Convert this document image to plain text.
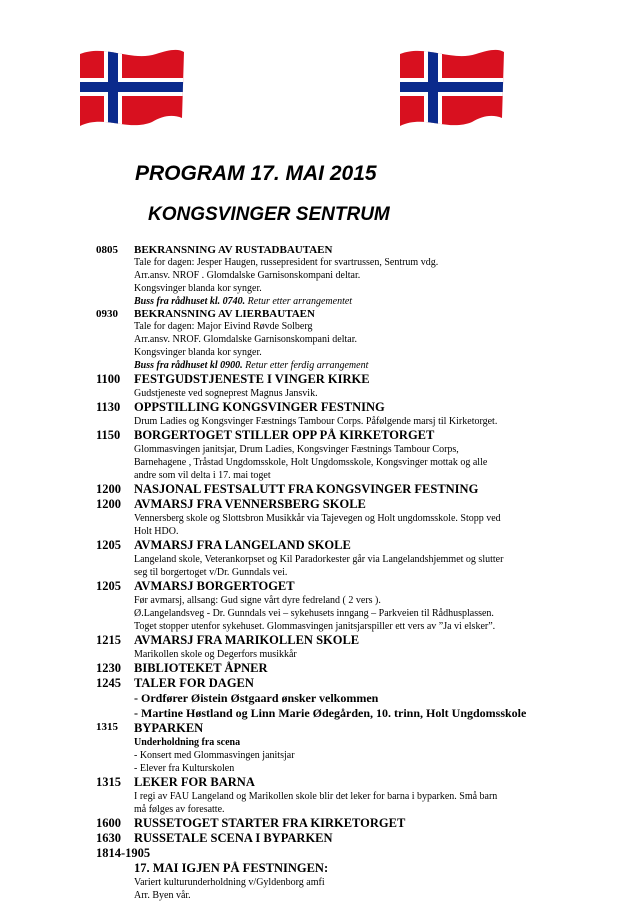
PROGRAM 17. MAI 2015
KONGSVINGER SENTRUM
0805	BEKRANSNING AV RUSTADBAUTAEN
Tale for dagen: Jesper Haugen, russepresident for svartrussen, Sentrum vdg.
Arr.ansv. NROF . Glomdalske Garnisonskompani deltar.
Kongsvinger blanda kor synger.
Buss fra rådhuset kl. 0740. Retur etter arrangementet
0930	BEKRANSNING AV LIERBAUTAEN
Tale for dagen: Major Eivind Røvde Solberg
Arr.ansv. NROF. Glomdalske Garnisonskompani deltar.
Kongsvinger blanda kor synger.
Buss fra rådhuset kl 0900. Retur etter ferdig arrangement
1100	FESTGUDSTJENESTE I VINGER KIRKE
Gudstjeneste ved sogneprest Magnus Jansvik.
1130	OPPSTILLING KONGSVINGER FESTNING
Drum Ladies og Kongsvinger Fæstnings Tambour Corps. Påfølgende marsj til Kirketorget.
1150	BORGERTOGET STILLER OPP PÅ KIRKETORGET
Glommasvingen janitsjar, Drum Ladies, Kongsvinger Fæstnings Tambour Corps,
Barnehagene , Tråstad Ungdomsskole, Holt Ungdomsskole, Kongsvinger mottak og alle
andre som vil delta i 17. mai toget
1200	NASJONAL FESTSALUTT FRA KONGSVINGER FESTNING
1200	AVMARSJ FRA VENNERSBERG SKOLE
Vennersberg skole og Slottsbron Musikkår via Tajevegen og Holt ungdomsskole. Stopp ved
Holt HDO.
1205	AVMARSJ FRA LANGELAND SKOLE
Langeland skole, Veterankorpset og Kil Paradorkester går via Langelandshjemmet og slutter
seg til borgertoget v/Dr. Gunndals vei.
1205	AVMARSJ BORGERTOGET
Før avmarsj, allsang: Gud signe vårt dyre fedreland ( 2 vers ).
Ø.Langelandsveg - Dr. Gunndals vei – sykehusets inngang – Parkveien til Rådhusplassen.
Toget stopper utenfor sykehuset. Glommasvingen janitsjarspiller ett vers av ”Ja vi elsker”.
1215	AVMARSJ FRA MARIKOLLEN SKOLE
Marikollen skole og Degerfors musikkår
1230	BIBLIOTEKET ÅPNER
1245	TALER FOR DAGEN
- Ordfører Øistein Østgaard ønsker velkommen
- Martine Høstland og Linn Marie Ødegården, 10. trinn, Holt Ungdomsskole
1315	BYPARKEN
Underholdning fra scena
- Konsert med Glommasvingen janitsjar
- Elever fra Kulturskolen
1315	LEKER FOR BARNA
I regi av FAU Langeland og Marikollen skole blir det leker for barna i byparken. Små barn
må følges av foresatte.
1600	RUSSETOGET STARTER FRA KIRKETORGET
1630	RUSSETALE SCENA I BYPARKEN
1814-1905

17. MAI IGJEN PÅ FESTNINGEN:
Variert kulturunderholdning v/Gyldenborg amfi
Arr. Byen vår.
